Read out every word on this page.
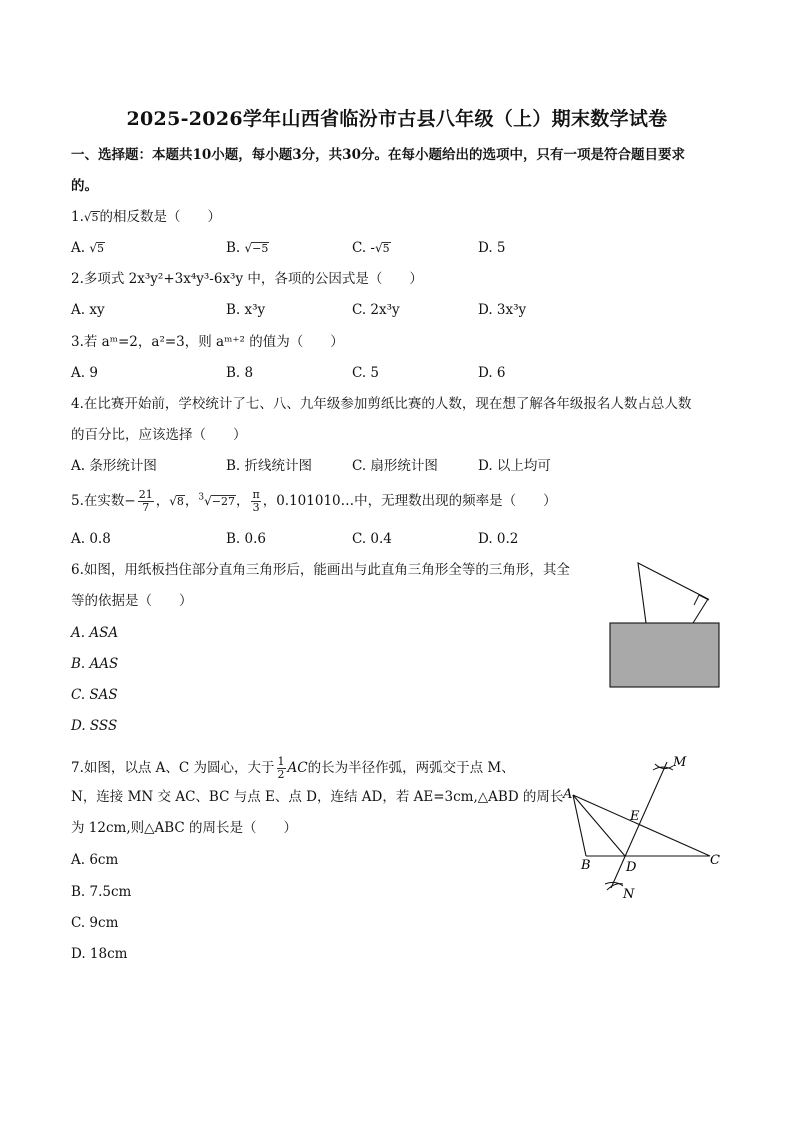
2025-2026学年山西省临汾市古县八年级（上）期末数学试卷
一、选择题：本题共10小题，每小题3分，共30分。在每小题给出的选项中，只有一项是符合题目要求
的。
1.√5的相反数是（　　）
A. √5	B. √−5	C. -√5	D. 5
2.多项式 2x³y²+3x⁴y³-6x³y 中，各项的公因式是（　　）
A. xy	B. x³y	C. 2x³y	D. 3x³y
3.若 aᵐ=2，a²=3，则 aᵐ⁺² 的值为（　　）
A. 9	B. 8	C. 5	D. 6
4.在比赛开始前，学校统计了七、八、九年级参加剪纸比赛的人数，现在想了解各年级报名人数占总人数
的百分比，应该选择（　　）
A. 条形统计图	B. 折线统计图	C. 扇形统计图	D. 以上均可
5.在实数− $\frac{21}{7}$ ，√8，$^3$√−27， $\frac{\pi}{3}$ ，0.101010…中，无理数出现的频率是（　　）
A. 0.8	B. 0.6	C. 0.4	D. 0.2
6.如图，用纸板挡住部分直角三角形后，能画出与此直角三角形全等的三角形，其全
等的依据是（　　）
A. ASA
B. AAS
C. SAS
D. SSS
7.如图，以点 A、C 为圆心，大于 $\frac{1}{2}$ AC的长为半径作弧，两弧交于点 M、
N，连接 MN 交 AC、BC 与点 E、点 D，连结 AD，若 AE=3cm,△ABD 的周长
为 12cm,则△ABC 的周长是（　　）
A. 6cm
B. 7.5cm
C. 9cm
D. 18cm
A
B	C
D
E
M
N
